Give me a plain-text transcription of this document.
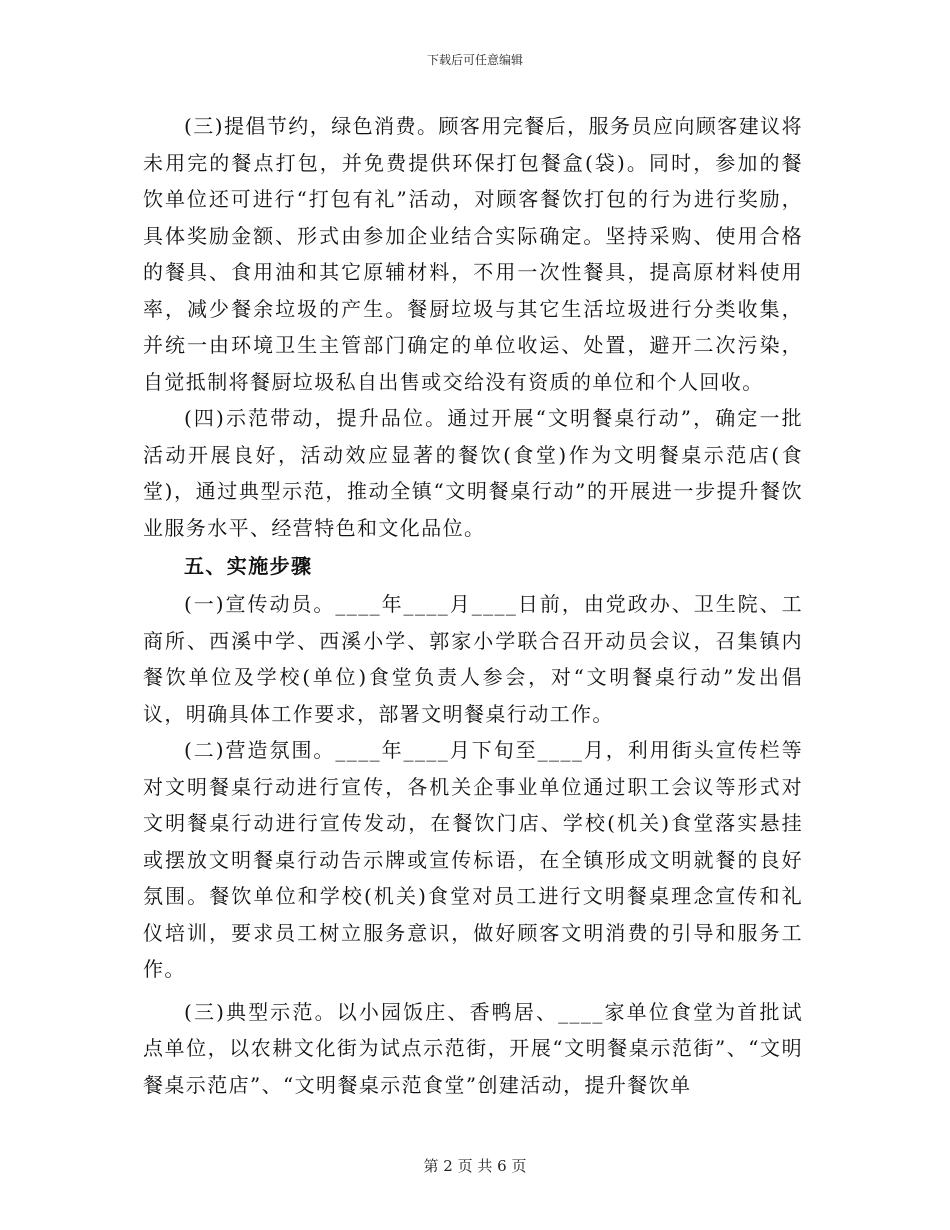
下载后可任意编辑

(三)提倡节约，绿色消费。顾客用完餐后，服务员应向顾客建议将未用完的餐点打包，并免费提供环保打包餐盒(袋)。同时，参加的餐饮单位还可进行“打包有礼”活动，对顾客餐饮打包的行为进行奖励，具体奖励金额、形式由参加企业结合实际确定。坚持采购、使用合格的餐具、食用油和其它原辅材料，不用一次性餐具，提高原材料使用率，减少餐余垃圾的产生。餐厨垃圾与其它生活垃圾进行分类收集，并统一由环境卫生主管部门确定的单位收运、处置，避开二次污染，自觉抵制将餐厨垃圾私自出售或交给没有资质的单位和个人回收。

(四)示范带动，提升品位。通过开展“文明餐桌行动”，确定一批活动开展良好，活动效应显著的餐饮(食堂)作为文明餐桌示范店(食堂)，通过典型示范，推动全镇“文明餐桌行动”的开展进一步提升餐饮业服务水平、经营特色和文化品位。

五、实施步骤

(一)宣传动员。____年____月____日前，由党政办、卫生院、工商所、西溪中学、西溪小学、郭家小学联合召开动员会议，召集镇内餐饮单位及学校(单位)食堂负责人参会，对“文明餐桌行动”发出倡议，明确具体工作要求，部署文明餐桌行动工作。

(二)营造氛围。____年____月下旬至____月，利用街头宣传栏等对文明餐桌行动进行宣传，各机关企事业单位通过职工会议等形式对文明餐桌行动进行宣传发动，在餐饮门店、学校(机关)食堂落实悬挂或摆放文明餐桌行动告示牌或宣传标语，在全镇形成文明就餐的良好氛围。餐饮单位和学校(机关)食堂对员工进行文明餐桌理念宣传和礼仪培训，要求员工树立服务意识，做好顾客文明消费的引导和服务工作。

(三)典型示范。以小园饭庄、香鸭居、____家单位食堂为首批试点单位，以农耕文化街为试点示范街，开展“文明餐桌示范街”、“文明餐桌示范店”、“文明餐桌示范食堂”创建活动，提升餐饮单

第 2 页 共 6 页
